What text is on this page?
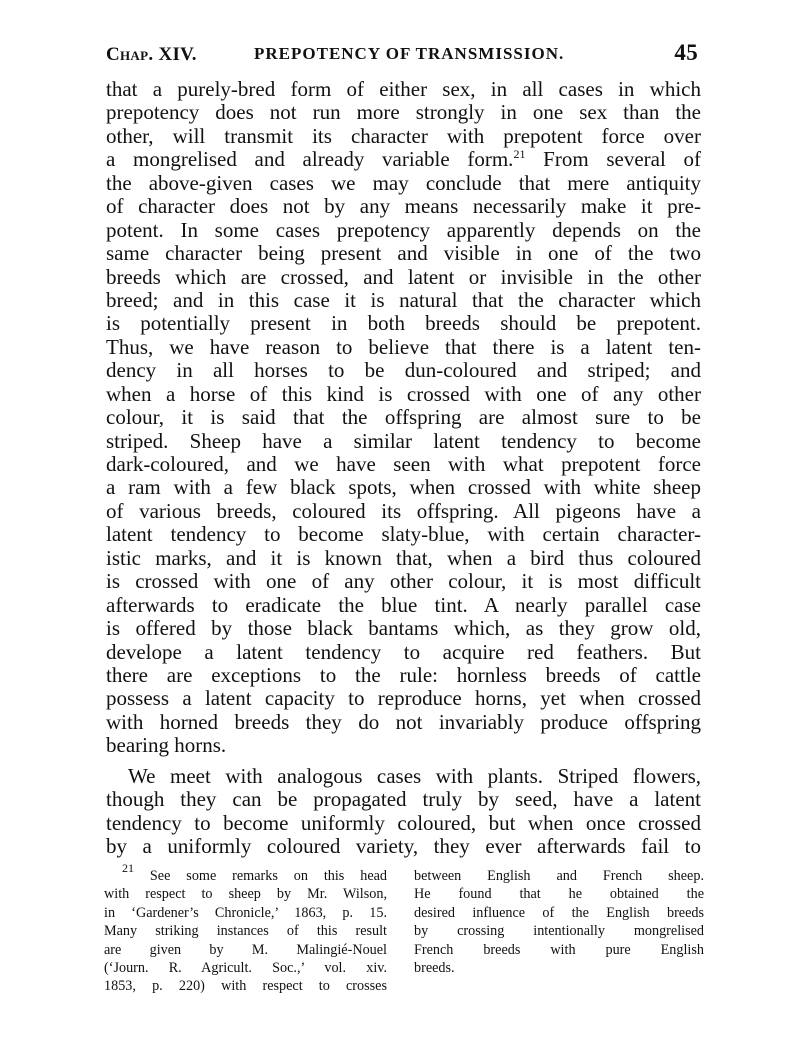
Chap. XIV.	PREPOTENCY OF TRANSMISSION.	45
that a purely-bred form of either sex, in all cases in which
prepotency does not run more strongly in one sex than the
other, will transmit its character with prepotent force over
a mongrelised and already variable form.$^{21}$ From several of
the above-given cases we may conclude that mere antiquity
of character does not by any means necessarily make it pre-
potent. In some cases prepotency apparently depends on the
same character being present and visible in one of the two
breeds which are crossed, and latent or invisible in the other
breed; and in this case it is natural that the character which
is potentially present in both breeds should be prepotent.
Thus, we have reason to believe that there is a latent ten-
dency in all horses to be dun-coloured and striped; and
when a horse of this kind is crossed with one of any other
colour, it is said that the offspring are almost sure to be
striped. Sheep have a similar latent tendency to become
dark-coloured, and we have seen with what prepotent force
a ram with a few black spots, when crossed with white sheep
of various breeds, coloured its offspring. All pigeons have a
latent tendency to become slaty-blue, with certain character-
istic marks, and it is known that, when a bird thus coloured
is crossed with one of any other colour, it is most difficult
afterwards to eradicate the blue tint. A nearly parallel case
is offered by those black bantams which, as they grow old,
develope a latent tendency to acquire red feathers. But
there are exceptions to the rule: hornless breeds of cattle
possess a latent capacity to reproduce horns, yet when crossed
with horned breeds they do not invariably produce offspring
bearing horns.
We meet with analogous cases with plants. Striped flowers,
though they can be propagated truly by seed, have a latent
tendency to become uniformly coloured, but when once crossed
by a uniformly coloured variety, they ever afterwards fail to
$^{21}$ See some remarks on this head
with respect to sheep by Mr. Wilson,
in ‘Gardener’s Chronicle,’ 1863, p. 15.
Many striking instances of this result
are given by M. Malingié-Nouel
(‘Journ. R. Agricult. Soc.,’ vol. xiv.
1853, p. 220) with respect to crosses
between English and French sheep.
He found that he obtained the
desired influence of the English breeds
by crossing intentionally mongrelised
French breeds with pure English
breeds.
